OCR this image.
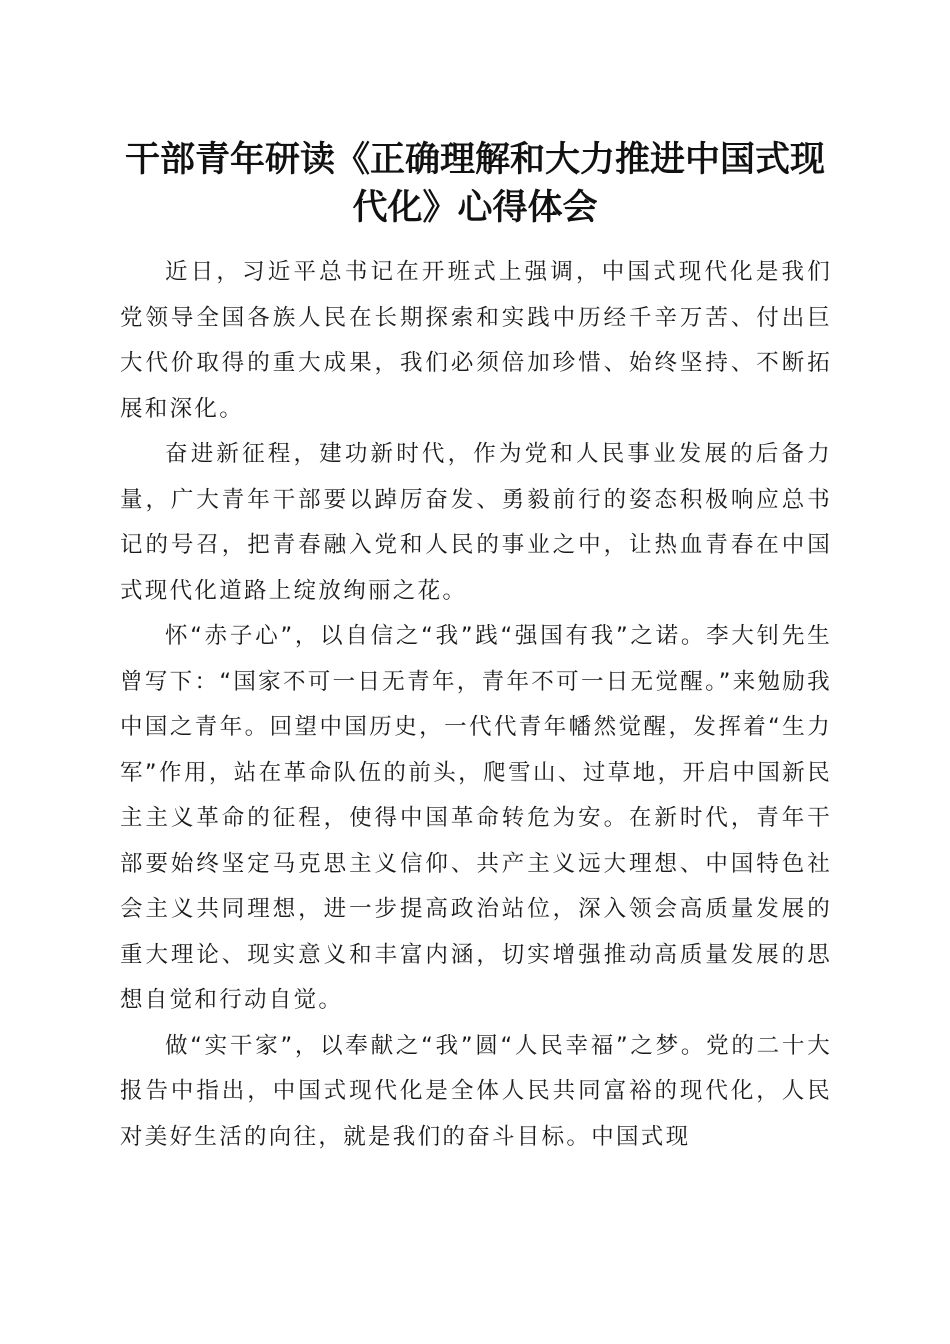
干部青年研读《正确理解和大力推进中国式现
代化》心得体会

近日，习近平总书记在开班式上强调，中国式现代化是我们党领导全国各族人民在长期探索和实践中历经千辛万苦、付出巨大代价取得的重大成果，我们必须倍加珍惜、始终坚持、不断拓展和深化。

奋进新征程，建功新时代，作为党和人民事业发展的后备力量，广大青年干部要以踔厉奋发、勇毅前行的姿态积极响应总书记的号召，把青春融入党和人民的事业之中，让热血青春在中国式现代化道路上绽放绚丽之花。

怀“赤子心”，以自信之“我”践“强国有我”之诺。李大钊先生曾写下：“国家不可一日无青年，青年不可一日无觉醒。”来勉励我中国之青年。回望中国历史，一代代青年幡然觉醒，发挥着“生力军”作用，站在革命队伍的前头，爬雪山、过草地，开启中国新民主主义革命的征程，使得中国革命转危为安。在新时代，青年干部要始终坚定马克思主义信仰、共产主义远大理想、中国特色社会主义共同理想，进一步提高政治站位，深入领会高质量发展的重大理论、现实意义和丰富内涵，切实增强推动高质量发展的思想自觉和行动自觉。

做“实干家”，以奉献之“我”圆“人民幸福”之梦。党的二十大报告中指出，中国式现代化是全体人民共同富裕的现代化，人民对美好生活的向往，就是我们的奋斗目标。中国式现
